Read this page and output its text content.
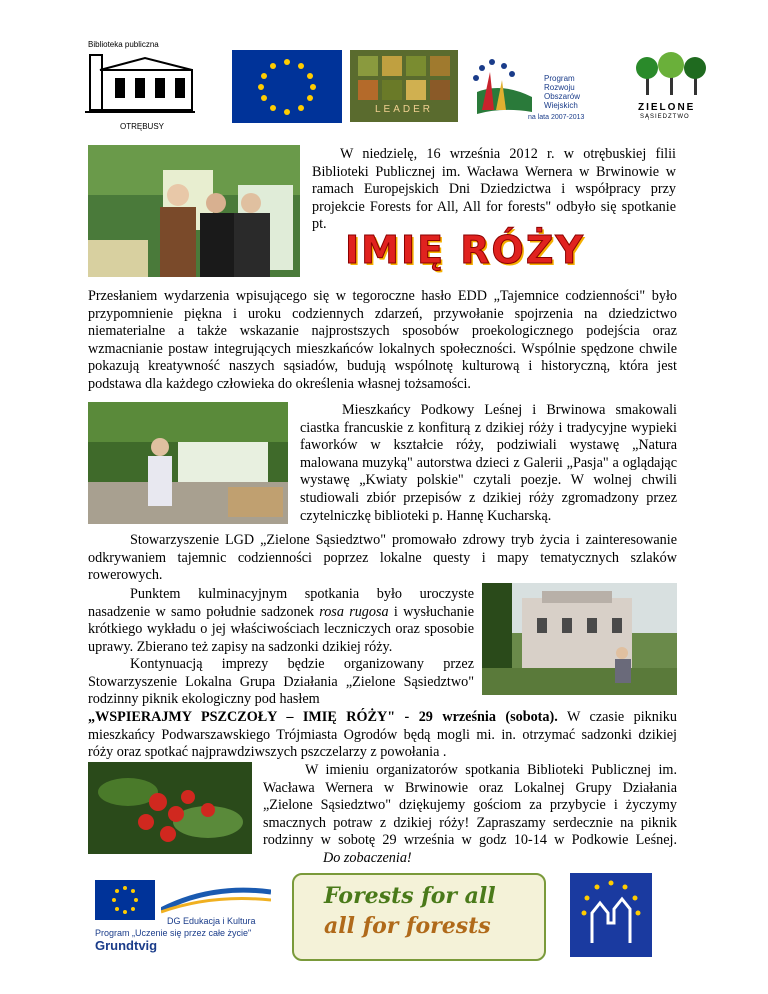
Biblioteka publiczna
OTRĘBUSY
LEADER
Program
Rozwoju
Obszarów
Wiejskich
na lata 2007-2013
ZIELONE
SĄSIEDZTWO
W niedzielę, 16 września 2012 r. w otrębuskiej filii Biblioteki Publicznej im. Wacława Wernera w Brwinowie w ramach Europejskich Dni Dziedzictwa i współpracy przy projekcie Forests for All, All for forests" odbyło się spotkanie pt.
IMIĘ RÓŻY
Przesłaniem wydarzenia wpisującego się w tegoroczne hasło EDD „Tajemnice codzienności" było przypomnienie piękna i uroku codziennych zdarzeń, przywołanie spojrzenia na dziedzictwo niematerialne a także wskazanie najprostszych sposobów proekologicznego podejścia oraz wzmacnianie postaw integrujących mieszkańców lokalnych społeczności. Wspólnie spędzone chwile pokazują kreatywność naszych sąsiadów, budują wspólnotę kulturową i historyczną, która jest podstawa dla każdego człowieka do określenia własnej tożsamości.
Mieszkańcy Podkowy Leśnej i Brwinowa smakowali ciastka francuskie z konfiturą z dzikiej róży i tradycyjne wypieki faworków w kształcie róży, podziwiali wystawę „Natura malowana muzyką" autorstwa dzieci z Galerii „Pasja" a oglądając wystawę „Kwiaty polskie" czytali poezje. W wolnej chwili studiowali zbiór przepisów z dzikiej róży zgromadzony przez czytelniczkę biblioteki p. Hannę Kucharską.
Stowarzyszenie LGD „Zielone Sąsiedztwo" promowało zdrowy tryb życia i zainteresowanie odkrywaniem tajemnic codzienności poprzez lokalne questy i mapy tematycznych szlaków rowerowych.
Punktem kulminacyjnym spotkania było uroczyste nasadzenie w samo południe sadzonek rosa rugosa i wysłuchanie krótkiego wykładu o jej właściwościach leczniczych oraz sposobie uprawy. Zbierano też zapisy na sadzonki dzikiej róży.
Kontynuacją imprezy będzie organizowany przez Stowarzyszenie Lokalna Grupa Działania „Zielone Sąsiedztwo" rodzinny piknik ekologiczny pod hasłem
„WSPIERAJMY PSZCZOŁY – IMIĘ RÓŻY" - 29 września (sobota). W czasie pikniku mieszkańcy Podwarszawskiego Trójmiasta Ogrodów będą mogli mi. in. otrzymać sadzonki dzikiej róży oraz spotkać najprawdziwszych pszczelarzy z powołania .
W imieniu organizatorów spotkania Biblioteki Publicznej im. Wacława Wernera w Brwinowie oraz Lokalnej Grupy Działania „Zielone Sąsiedztwo" dziękujemy gościom za przybycie i życzymy smacznych potraw z dzikiej róży! Zapraszamy serdecznie na piknik rodzinny w sobotę 29 września w godz 10-14 w Podkowie Leśnej. Do zobaczenia!
DG Edukacja i Kultura
Program „Uczenie się przez całe życie"
Grundtvig
Forests for all
all for forests
